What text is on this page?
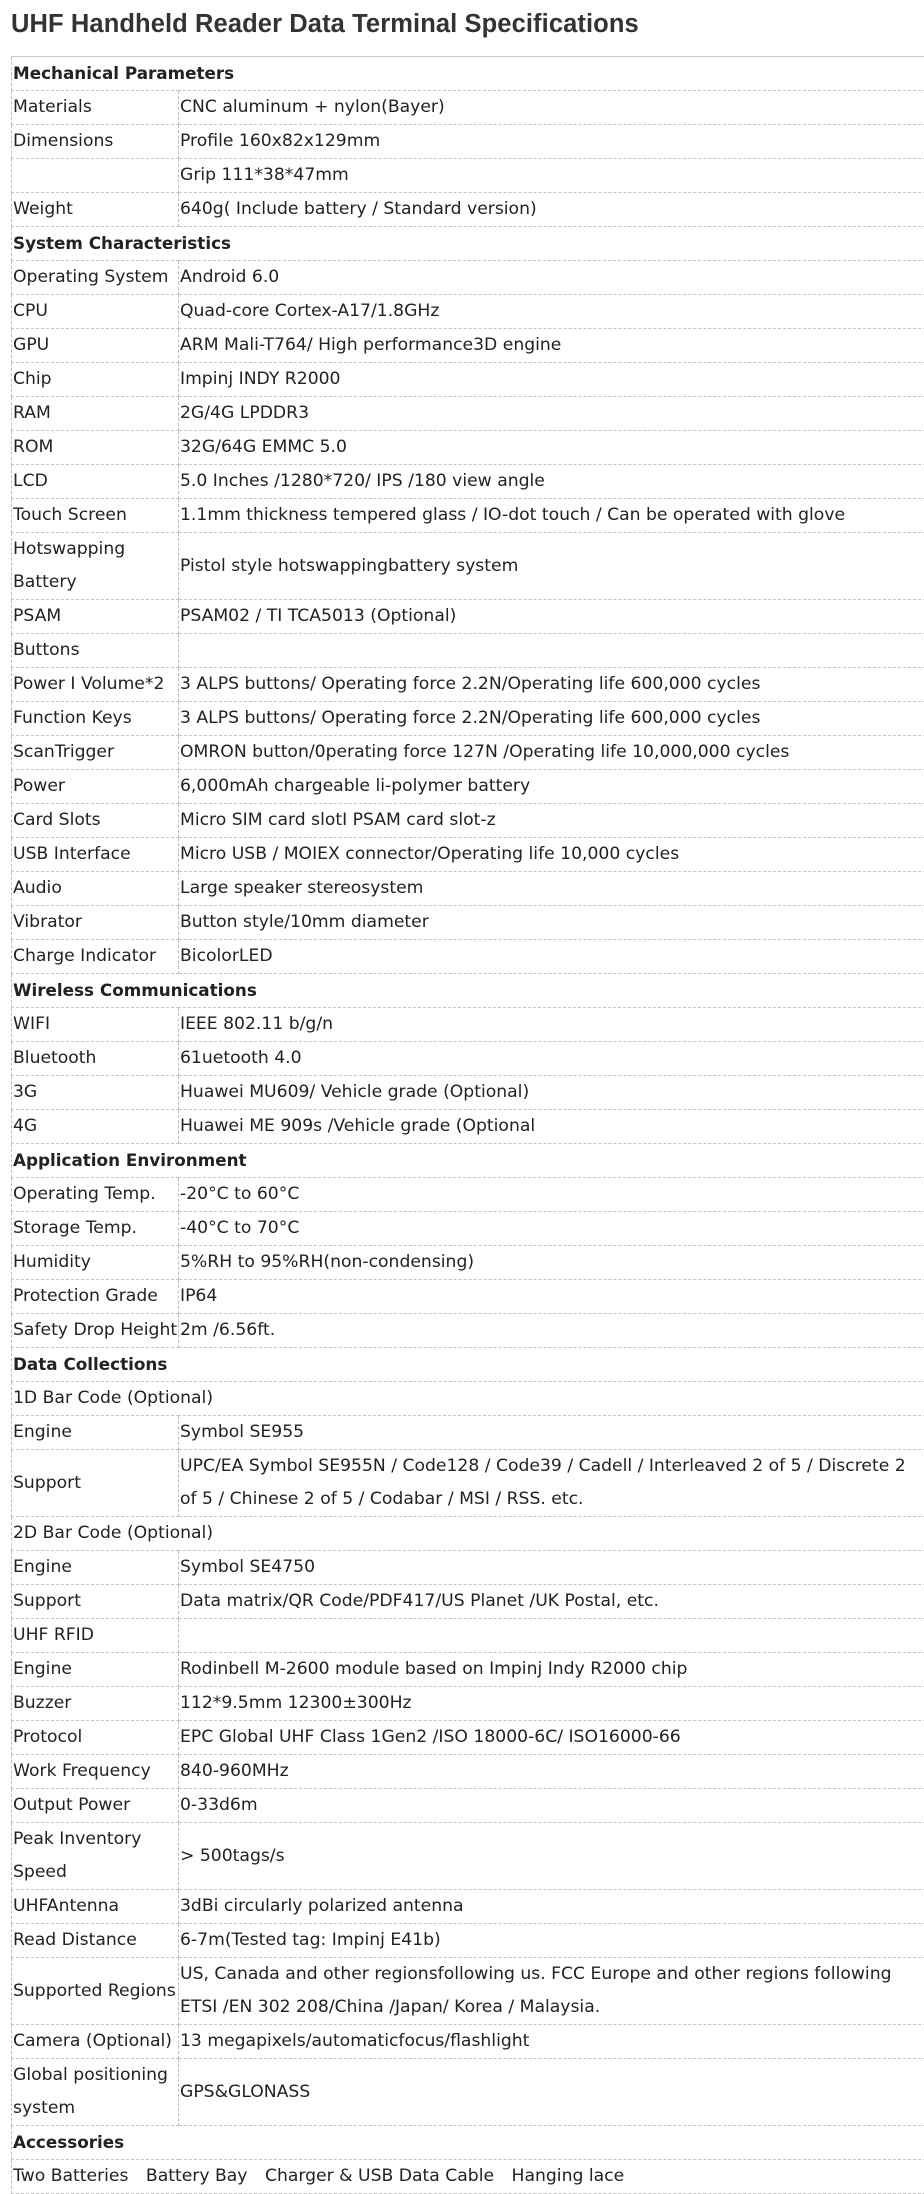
UHF Handheld Reader Data Terminal Specifications
Mechanical Parameters	
Materials	CNC aluminum + nylon(Bayer)
Dimensions	Profile 160x82x129mm
	Grip 111*38*47mm
Weight	640g( Include battery / Standard version)
System Characteristics	
Operating System	Android 6.0
CPU	Quad-core Cortex-A17/1.8GHz
GPU	ARM Mali-T764/ High performance3D engine
Chip	Impinj INDY R2000
RAM	2G/4G LPDDR3
ROM	32G/64G EMMC 5.0
LCD	5.0 Inches /1280*720/ IPS /180 view angle
Touch Screen	1.1mm thickness tempered glass / IO-dot touch / Can be operated with glove

Hotswapping
Battery	Pistol style hotswappingbattery system
PSAM	PSAM02 / TI TCA5013 (Optional)
Buttons	
Power I Volume*2	3 ALPS buttons/ Operating force 2.2N/Operating life 600,000 cycles
Function Keys	3 ALPS buttons/ Operating force 2.2N/Operating life 600,000 cycles
ScanTrigger	OMRON button/0perating force 127N /Operating life 10,000,000 cycles
Power	6,000mAh chargeable li-polymer battery
Card Slots	Micro SIM card slotI PSAM card slot-z
USB Interface	Micro USB / MOIEX connector/Operating life 10,000 cycles
Audio	Large speaker stereosystem
Vibrator	Button style/10mm diameter
Charge Indicator	BicolorLED
Wireless Communications	
WIFI	IEEE 802.11 b/g/n
Bluetooth	61uetooth 4.0
3G	Huawei MU609/ Vehicle grade (Optional)
4G	Huawei ME 909s /Vehicle grade (Optional
Application Environment	
Operating Temp.	-20°C to 60°C
Storage Temp.	-40°C to 70°C
Humidity	5%RH to 95%RH(non-condensing)
Protection Grade	IP64
Safety Drop Height	2m /6.56ft.
Data Collections	
1D Bar Code (Optional)	
Engine	Symbol SE955
Support	UPC/EA Symbol SE955N / Code128 / Code39 / Cadell / Interleaved 2 of 5 / Discrete 2 of 5 / Chinese 2 of 5 / Codabar / MSI / RSS. etc.
2D Bar Code (Optional)	
Engine	Symbol SE4750
Support	Data matrix/QR Code/PDF417/US Planet /UK Postal, etc.
UHF RFID	
Engine	Rodinbell M-2600 module based on Impinj Indy R2000 chip
Buzzer	112*9.5mm 12300±300Hz
Protocol	EPC Global UHF Class 1Gen2 /ISO 18000-6C/ ISO16000-66
Work Frequency	840-960MHz
Output Power	0-33d6m

Peak Inventory
Speed	> 500tags/s
UHFAntenna	3dBi circularly polarized antenna
Read Distance	6-7m(Tested tag: Impinj E41b)
Supported Regions	US, Canada and other regionsfollowing us. FCC Europe and other regions following ETSI /EN 302 208/China /Japan/ Korea / Malaysia.
Camera (Optional)	13 megapixels/automaticfocus/flashlight

Global positioning
system	GPS&GLONASS
Accessories	
Two Batteries Battery Bay Charger & USB Data Cable Hanging lace	
